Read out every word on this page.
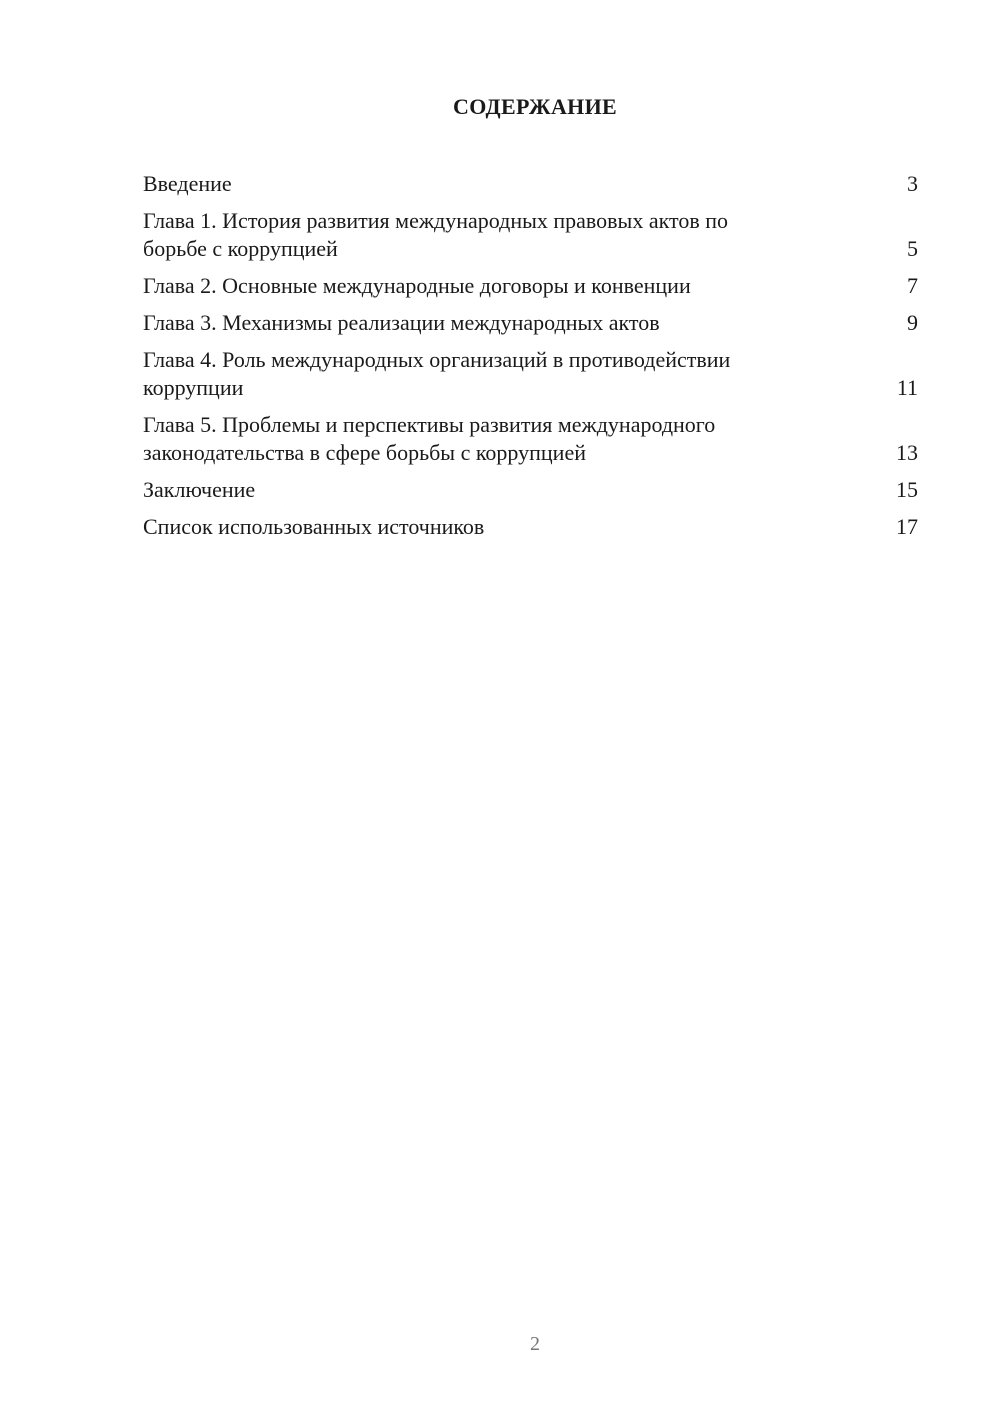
СОДЕРЖАНИЕ
Введение	3
Глава 1. История развития международных правовых актов по
борьбе с коррупцией	5
Глава 2. Основные международные договоры и конвенции	7
Глава 3. Механизмы реализации международных актов	9
Глава 4. Роль международных организаций в противодействии
коррупции	11
Глава 5. Проблемы и перспективы развития международного
законодательства в сфере борьбы с коррупцией	13
Заключение	15
Список использованных источников	17
2
